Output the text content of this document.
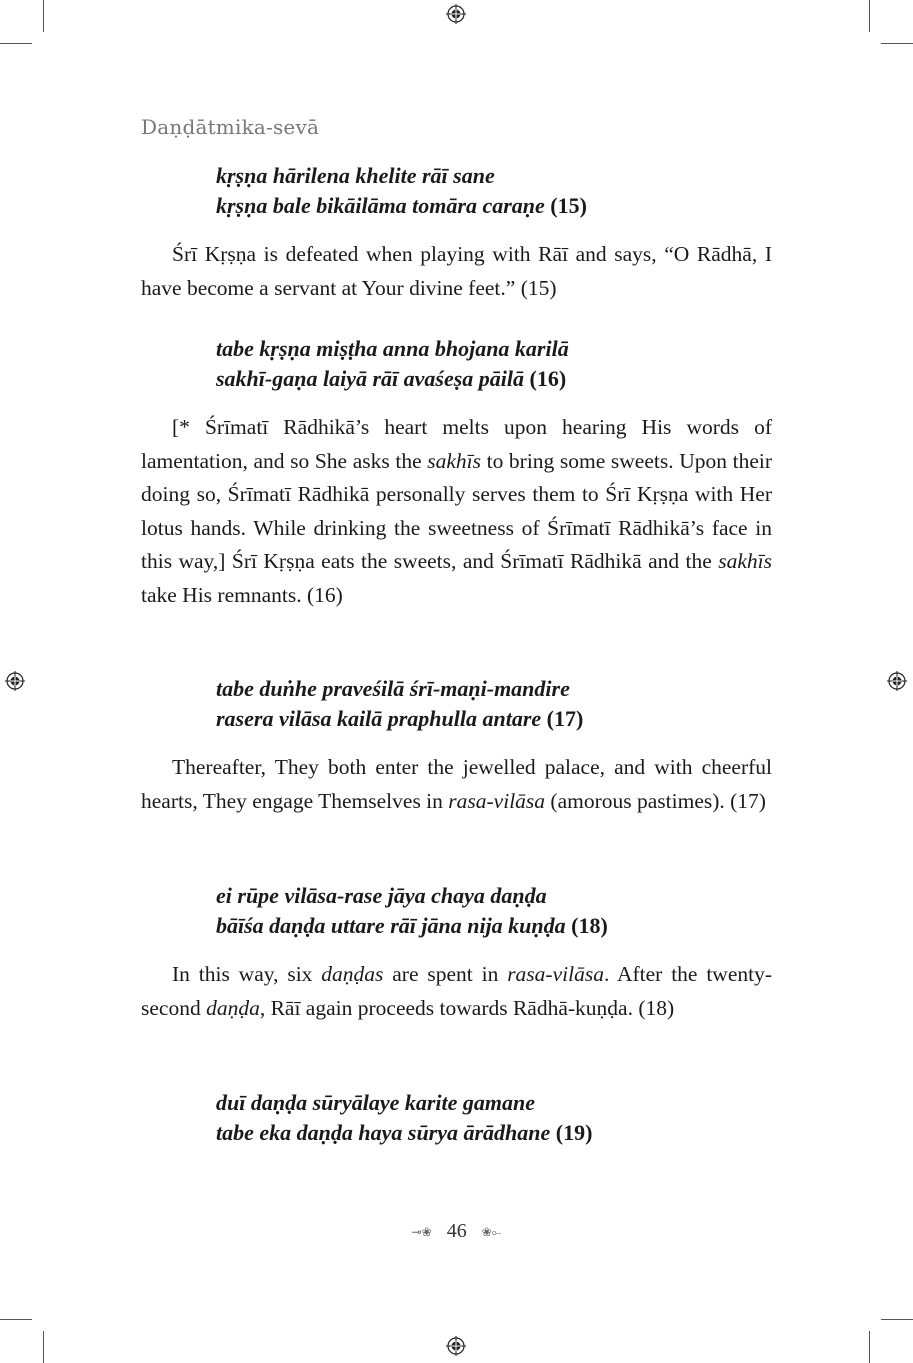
Daṇḍātmika-sevā
kṛṣṇa hārilena khelite rāī sane
kṛṣṇa bale bikāilāma tomāra caraṇe (15)

Śrī Kṛṣṇa is defeated when playing with Rāī and says, “O Rādhā, I have become a servant at Your divine feet.” (15)

tabe kṛṣṇa miṣṭha anna bhojana karilā
sakhī-gaṇa laiyā rāī avaśeṣa pāilā (16)

[* Śrīmatī Rādhikā’s heart melts upon hearing His words of lamentation, and so She asks the sakhīs to bring some sweets. Upon their doing so, Śrīmatī Rādhikā personally serves them to Śrī Kṛṣṇa with Her lotus hands. While drinking the sweetness of Śrīmatī Rādhikā’s face in this way,] Śrī Kṛṣṇa eats the sweets, and Śrīmatī Rādhikā and the sakhīs take His remnants. (16)

tabe duṅhe praveśilā śrī-maṇi-mandire
rasera vilāsa kailā praphulla antare (17)

Thereafter, They both enter the jewelled palace, and with cheerful hearts, They engage Themselves in rasa-vilāsa (amorous pastimes). (17)

ei rūpe vilāsa-rase jāya chaya daṇḍa
bāīśa daṇḍa uttare rāī jāna nija kuṇḍa (18)

In this way, six daṇḍas are spent in rasa-vilāsa. After the twenty-second daṇḍa, Rāī again proceeds towards Rādhā-kuṇḍa. (18)

duī daṇḍa sūryālaye karite gamane
tabe eka daṇḍa haya sūrya ārādhane (19)
⊸❀ 46 ❀⟜
